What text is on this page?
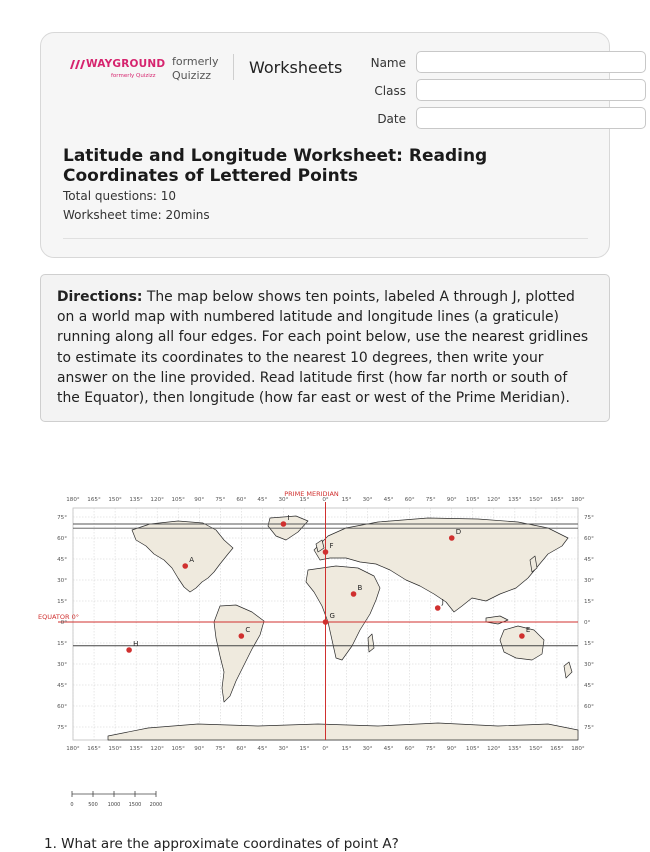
WAYGROUND
formerly Quizizz
formerly Quizizz	Worksheets	Name
Class
Date
Latitude and Longitude Worksheet: Reading Coordinates of Lettered Points
Total questions: 10
Worksheet time: 20mins
Directions: The map below shows ten points, labeled A through J, plotted on a world map with numbered latitude and longitude lines (a graticule) running along all four edges. For each point below, use the nearest gridlines to estimate its coordinates to the nearest 10 degrees, then write your answer on the line provided. Read latitude first (how far north or south of the Equator), then longitude (how far east or west of the Prime Meridian).
180°
180°
165°
165°
150°
150°
135°
135°
120°
120°
105°
105°
90°
90°
75°
75°
60°
60°
45°
45°
30°
30°
15°
15°
0°
0°
15°
15°
30°
30°
45°
45°
60°
60°
75°
75°
90°
90°
105°
105°
120°
120°
135°
135°
150°
150°
165°
165°
180°
180°
75°	75°
60°	60°
45°	45°
30°	30°
15°	15°
0°	0°
15°	15°
30°	30°
45°	45°
60°	60°
75°	75°
A
B
C
D
E
F
G
H
I
J
PRIME MERIDIAN
EQUATOR 0°
0	500 1000 1500 2000
1. What are the approximate coordinates of point A?
